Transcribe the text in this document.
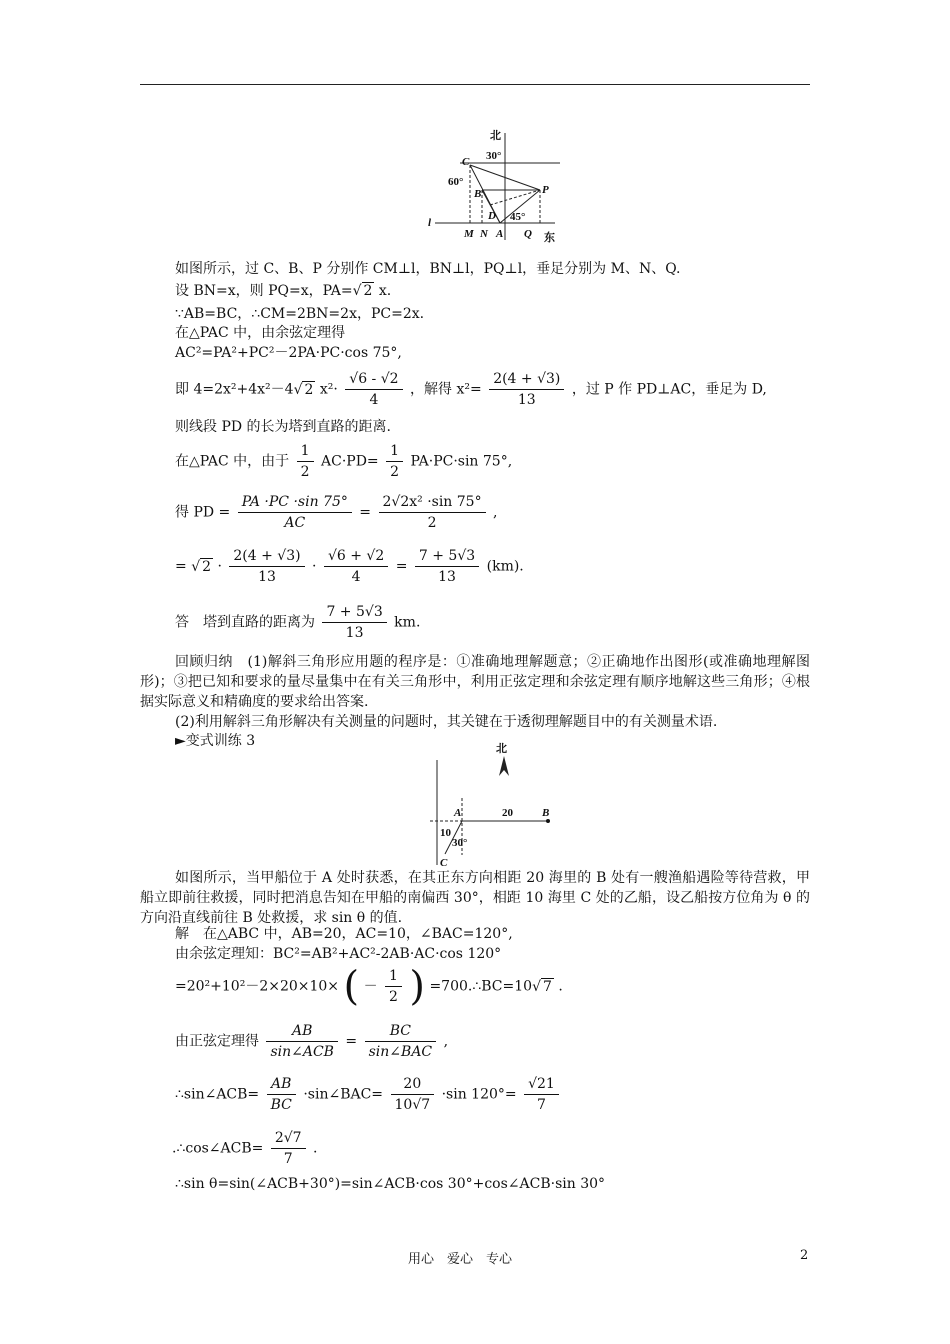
北
30°
C
60°
B	P
D 45°
l
M N A Q 东
如图所示，过 C、B、P 分别作 CM⊥l，BN⊥l，PQ⊥l，垂足分别为 M、N、Q.
设 BN=x，则 PQ=x，PA=√ 2 x.
∵AB=BC，∴CM=2BN=2x，PC=2x.
在△PAC 中，由余弦定理得
AC²=PA²+PC²－2PA·PC·cos 75°,
即 4=2x²+4x²－4√ 2 $x^2\cdot \frac{√6 - √2}{4}$ ，解得 $x^2= \frac{2(4 + √3)}{13}$ ，过 P 作 PD⊥AC，垂足为 D,
则线段 PD 的长为塔到直路的距离.
在△PAC 中，由于 $\frac{1}{2} AC\cdot PD= \frac{1}{2} PA\cdot PC\cdot\sin$ 75°,
得 PD = $\frac{PA \cdot PC \cdot\sin 75^\circ}{AC} = \frac{\text{2√2x² ·sin 75°}}{2}$ ,
= √ $2 \cdot \frac{2(4 + √3)}{13} \cdot \frac{√6 + √2}{4} = \frac{7 + 5√3}{13} (km)$.
答　塔到直路的距离为 $\frac{7 + 5√3}{13}$ km.
回顾归纳　(1)解斜三角形应用题的程序是：①准确地理解题意；②正确地作出图形(或准确地理解图形)；③把已知和要求的量尽量集中在有关三角形中，利用正弦定理和余弦定理有顺序地解这些三角形；④根据实际意义和精确度的要求给出答案.
(2)利用解斜三角形解决有关测量的问题时，其关键在于透彻理解题目中的有关测量术语.
►变式训练 3	北
A	20	B
10
30°
C
如图所示，当甲船位于 A 处时获悉，在其正东方向相距 20 海里的 B 处有一艘渔船遇险等待营救，甲船立即前往救援，同时把消息告知在甲船的南偏西 30°，相距 10 海里 C 处的乙船，设乙船按方位角为 θ 的方向沿直线前往 B 处救援，求 sin θ 的值.
解　在△ABC 中，AB=20，AC=10，∠BAC=120°,
由余弦定理知：BC²=AB²+AC²-2AB·AC·cos 120°
=20²+10²－2×20×10× ( － $\frac{1}{2}$ ) =700.∴BC=10√ 7 .
由正弦定理得 $\frac{AB}{\text{sin∠ACB}} = \frac{BC}{\text{sin∠BAC}}$ ,
∴sin∠ACB= $\frac{AB}{BC}$ ·sin∠BAC= $\frac{20}{10√7} \cdot\sin$ $120^\circ= \frac{√21}{7}$
.∴cos∠ACB= $\frac{2√7}{7}$ .
∴sin θ=sin(∠ACB+30°)=sin∠ACB·cos 30°+cos∠ACB·sin 30°
用心　爱心　专心	2
